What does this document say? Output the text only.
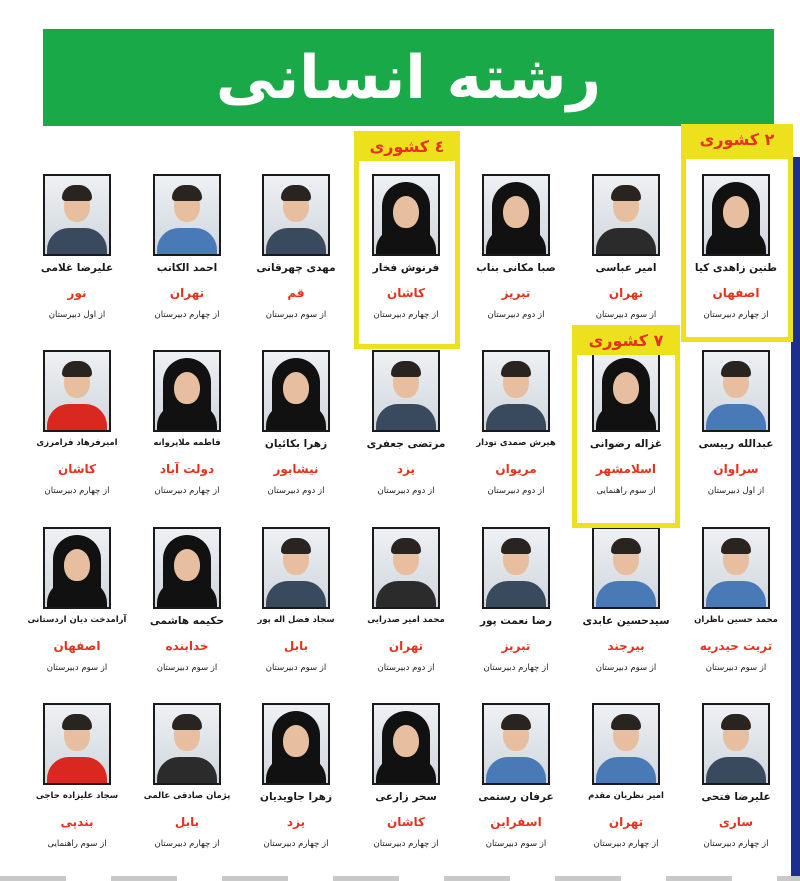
رشته انسانی
طنین زاهدی کیا
اصفهان
از چهارم دبیرستان
امیر عباسی
تهران
از سوم دبیرستان
صبا مکانی بناب
تبریز
از دوم دبیرستان
فرنوش فخار
کاشان
از چهارم دبیرستان
مهدی چهرقانی
قم
از سوم دبیرستان
احمد الکاتب
تهران
از چهارم دبیرستان
علیرضا غلامی
نور
از اول دبیرستان
عبدالله رییسی
سراوان
از اول دبیرستان
غزاله رضوانی
اسلامشهر
از سوم راهنمایی
هیرش صمدی تودار
مریوان
از دوم دبیرستان
مرتضی جعفری
یزد
از دوم دبیرستان
زهرا بکائیان
نیشابور
از دوم دبیرستان
فاطمه ملاپروانه
دولت آباد
از چهارم دبیرستان
امیرفرهاد فرامرزی
کاشان
از چهارم دبیرستان
محمد حسین ناظران
تربت حیدریه
از سوم دبیرستان
سیدحسین عابدی
بیرجند
از سوم دبیرستان
رضا نعمت پور
تبریز
از چهارم دبیرستان
محمد امیر صدرایی
تهران
از دوم دبیرستان
سجاد فضل اله پور
بابل
از سوم دبیرستان
حکیمه هاشمی
خدابنده
از سوم دبیرستان
آرامدخت دیان اردستانی
اصفهان
از سوم دبیرستان
علیرضا فتحی
ساری
از چهارم دبیرستان
امیر نظریان مقدم
تهران
از چهارم دبیرستان
عرفان رستمی
اسفراین
از سوم دبیرستان
سحر زارعی
کاشان
از چهارم دبیرستان
زهرا جاویدیان
یزد
از چهارم دبیرستان
پژمان صادقی عالمی
بابل
از چهارم دبیرستان
سجاد علیزاده حاجی
بندپی
از سوم راهنمایی
۲ کشوری
٤ کشوری
۷ کشوری
